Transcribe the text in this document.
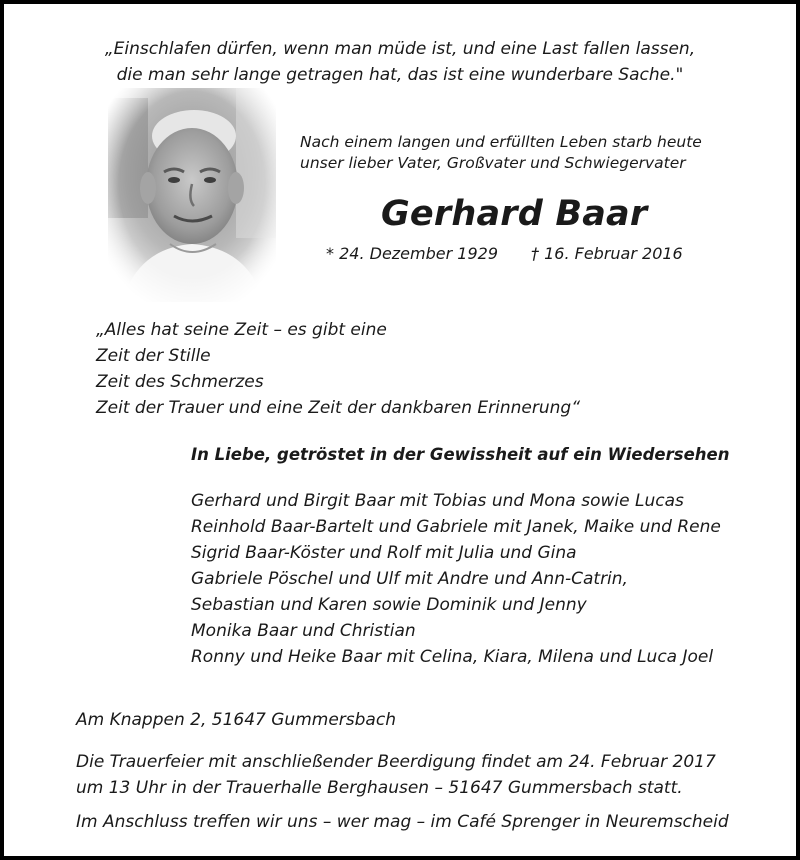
„Einschlafen dürfen, wenn man müde ist, und eine Last fallen lassen,
die man sehr lange getragen hat, das ist eine wunderbare Sache."
Nach einem langen und erfüllten Leben starb heute
unser lieber Vater, Großvater und Schwiegervater
Gerhard Baar
* 24. Dezember 1929 † 16. Februar 2016
„Alles hat seine Zeit – es gibt eine
Zeit der Stille
Zeit des Schmerzes
Zeit der Trauer und eine Zeit der dankbaren Erinnerung“
In Liebe, getröstet in der Gewissheit auf ein Wiedersehen
Gerhard und Birgit Baar mit Tobias und Mona sowie Lucas
Reinhold Baar-Bartelt und Gabriele mit Janek, Maike und Rene
Sigrid Baar-Köster und Rolf mit Julia und Gina
Gabriele Pöschel und Ulf mit Andre und Ann-Catrin,
Sebastian und Karen sowie Dominik und Jenny
Monika Baar und Christian
Ronny und Heike Baar mit Celina, Kiara, Milena und Luca Joel
Am Knappen 2, 51647 Gummersbach
Die Trauerfeier mit anschließender Beerdigung findet am 24. Februar 2017
um 13 Uhr in der Trauerhalle Berghausen – 51647 Gummersbach statt.
Im Anschluss treffen wir uns – wer mag – im Café Sprenger in Neuremscheid
